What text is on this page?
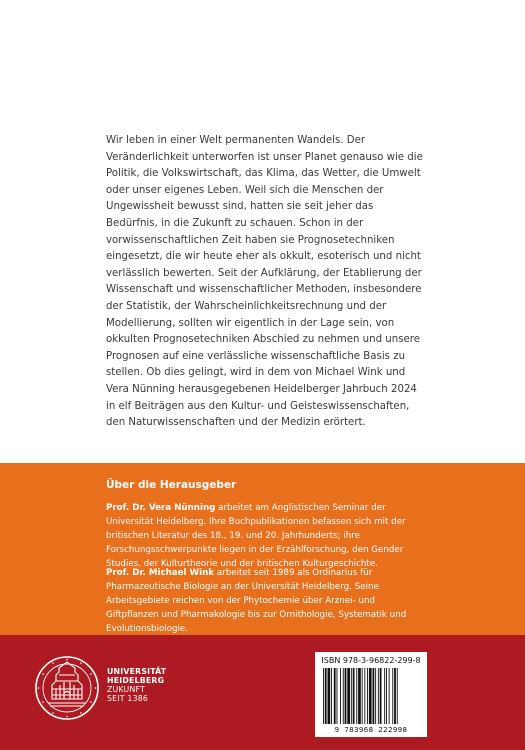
Wir leben in einer Welt permanenten Wandels. Der Veränderlichkeit unterworfen ist unser Planet genauso wie die Politik, die Volkswirtschaft, das Klima, das Wetter, die Umwelt oder unser eigenes Leben. Weil sich die Menschen der Ungewissheit bewusst sind, hatten sie seit jeher das Bedürfnis, in die Zukunft zu schauen. Schon in der vorwissenschaftlichen Zeit haben sie Prognosetechniken eingesetzt, die wir heute eher als okkult, esoterisch und nicht verlässlich bewerten. Seit der Aufklärung, der Etablierung der Wissenschaft und wissenschaftlicher Methoden, insbesondere der Statistik, der Wahrscheinlichkeitsrechnung und der Modellierung, sollten wir eigentlich in der Lage sein, von okkulten Prognosetechniken Abschied zu nehmen und unsere Prognosen auf eine verlässliche wissenschaftliche Basis zu stellen. Ob dies gelingt, wird in dem von Michael Wink und Vera Nünning herausgegebenen Heidelberger Jahrbuch 2024 in elf Beiträgen aus den Kultur- und Geisteswissenschaften, den Naturwissenschaften und der Medizin erörtert.

Über die Herausgeber

Prof. Dr. Vera Nünning arbeitet am Anglistischen Seminar der Universität Heidelberg. Ihre Buchpublikationen befassen sich mit der britischen Literatur des 18., 19. und 20. Jahrhunderts; ihre Forschungsschwerpunkte liegen in der Erzählforschung, den Gender Studies, der Kulturtheorie und der britischen Kulturgeschichte.

Prof. Dr. Michael Wink arbeitet seit 1989 als Ordinarius für Pharmazeutische Biologie an der Universität Heidelberg. Seine Arbeitsgebiete reichen von der Phytochemie über Arznei- und Giftpflanzen und Pharmakologie bis zur Ornithologie, Systematik und Evolutionsbiologie.

UNIVERSITÄT
HEIDELBERG
ZUKUNFT
SEIT 1386
ISBN 978-3-96822-299-8
9 783968 222998
